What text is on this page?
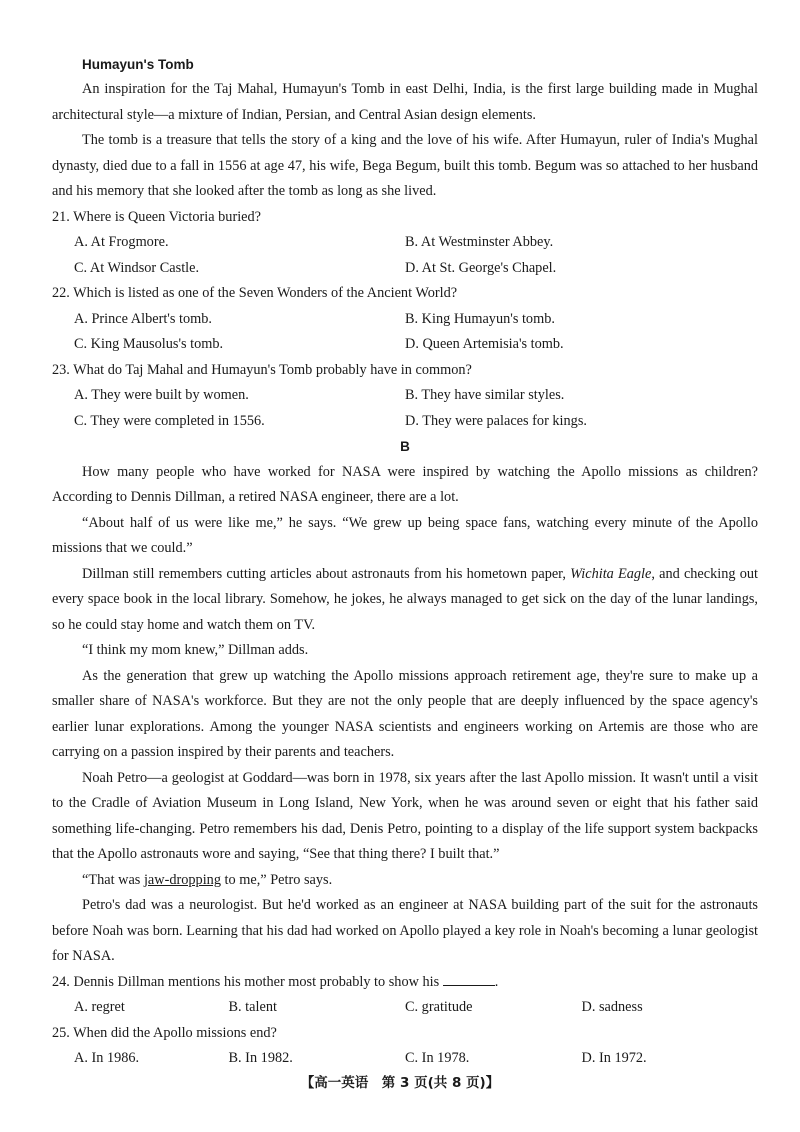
Humayun's Tomb

An inspiration for the Taj Mahal, Humayun's Tomb in east Delhi, India, is the first large building made in Mughal architectural style—a mixture of Indian, Persian, and Central Asian design elements.

The tomb is a treasure that tells the story of a king and the love of his wife. After Humayun, ruler of India's Mughal dynasty, died due to a fall in 1556 at age 47, his wife, Bega Begum, built this tomb. Begum was so attached to her husband and his memory that she looked after the tomb as long as she lived.

21. Where is Queen Victoria buried?
A. At Frogmore.	B. At Westminster Abbey.
C. At Windsor Castle.	D. At St. George's Chapel.
22. Which is listed as one of the Seven Wonders of the Ancient World?
A. Prince Albert's tomb.	B. King Humayun's tomb.
C. King Mausolus's tomb.	D. Queen Artemisia's tomb.
23. What do Taj Mahal and Humayun's Tomb probably have in common?
A. They were built by women.	B. They have similar styles.
C. They were completed in 1556.	D. They were palaces for kings.
B

How many people who have worked for NASA were inspired by watching the Apollo missions as children? According to Dennis Dillman, a retired NASA engineer, there are a lot.

“About half of us were like me,” he says. “We grew up being space fans, watching every minute of the Apollo missions that we could.”

Dillman still remembers cutting articles about astronauts from his hometown paper, Wichita Eagle, and checking out every space book in the local library. Somehow, he jokes, he always managed to get sick on the day of the lunar landings, so he could stay home and watch them on TV.

“I think my mom knew,” Dillman adds.

As the generation that grew up watching the Apollo missions approach retirement age, they're sure to make up a smaller share of NASA's workforce. But they are not the only people that are deeply influenced by the space agency's earlier lunar explorations. Among the younger NASA scientists and engineers working on Artemis are those who are carrying on a passion inspired by their parents and teachers.

Noah Petro—a geologist at Goddard—was born in 1978, six years after the last Apollo mission. It wasn't until a visit to the Cradle of Aviation Museum in Long Island, New York, when he was around seven or eight that his father said something life-changing. Petro remembers his dad, Denis Petro, pointing to a display of the life support system backpacks that the Apollo astronauts wore and saying, “See that thing there? I built that.”

“That was jaw-dropping to me,” Petro says.

Petro's dad was a neurologist. But he'd worked as an engineer at NASA building part of the suit for the astronauts before Noah was born. Learning that his dad had worked on Apollo played a key role in Noah's becoming a lunar geologist for NASA.

24. Dennis Dillman mentions his mother most probably to show his	.
A. regret	B. talent	C. gratitude	D. sadness
25. When did the Apollo missions end?
A. In 1986.	B. In 1982.	C. In 1978.	D. In 1972.
【高一英语　第 3 页(共 8 页)】
